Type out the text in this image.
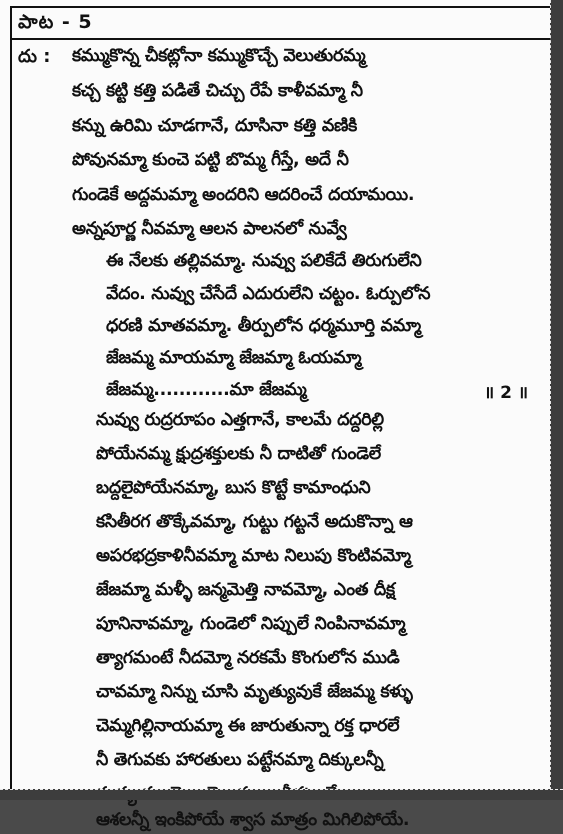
పాట - 5
దు : కమ్ముకొన్న చీకట్లోనా కమ్ముకొచ్చే వెలుతురమ్మ
కచ్చ కట్టి కత్తి పడితే చిచ్చు రేపే కాళీవమ్మా నీ
కన్ను ఉరిమి చూడగానే, దూసినా కత్తి వణికి
పోవునమ్మా కుంచె పట్టి బొమ్మ గీస్తే, అదే నీ
గుండెకే అద్దమమ్మా అందరిని ఆదరించే దయామయి.
అన్నపూర్ణ నీవమ్మా ఆలన పాలనలో నువ్వే
ఈ నేలకు తల్లివమ్మా. నువ్వు పలికేదే తిరుగులేని
వేదం. నువ్వు చేసేదే ఎదురులేని చట్టం. ఓర్పులోన
ధరణి మాతవమ్మా. తీర్పులోన ధర్మమూర్తి వమ్మా
జేజమ్మ మాయమ్మా జేజమ్మా ఓయమ్మా
జేజమ్మ............మా జేజమ్మ	॥ 2 ॥
నువ్వు రుద్రరూపం ఎత్తగానే, కాలమే దద్దరిల్లి
పోయేనమ్మ క్షుద్రశక్తులకు నీ దాటితో గుండెలే
బద్దలైపోయేనమ్మా, బుస కొట్టే కామాంధుని
కసితీరగ తొక్కేవమ్మా, గుట్టు గట్టనే అదుకొన్నా ఆ
అపరభద్రకాళినీవమ్మా మాట నిలుపు కొంటివమ్మో
జేజమ్మా మళ్ళీ జన్మమెత్తి నావమ్మో, ఎంత దీక్ష
పూనినావమ్మా, గుండెలో నిప్పులే నింపినావమ్మా
త్యాగమంటే నీదమ్మో నరకమే కొంగులోన ముడి
చావమ్మా నిన్ను చూసి మృత్యువుకే జేజమ్మ కళ్ళు
చెమ్మగిల్లినాయమ్మా ఈ జారుతున్నా రక్త ధారలే
నీ తెగువకు హారతులు పట్టేనమ్మా దిక్కులన్నీ
ఆశలన్నీ ఇంకిపోయే శ్వాస మాత్రం మిగిలిపోయే.
